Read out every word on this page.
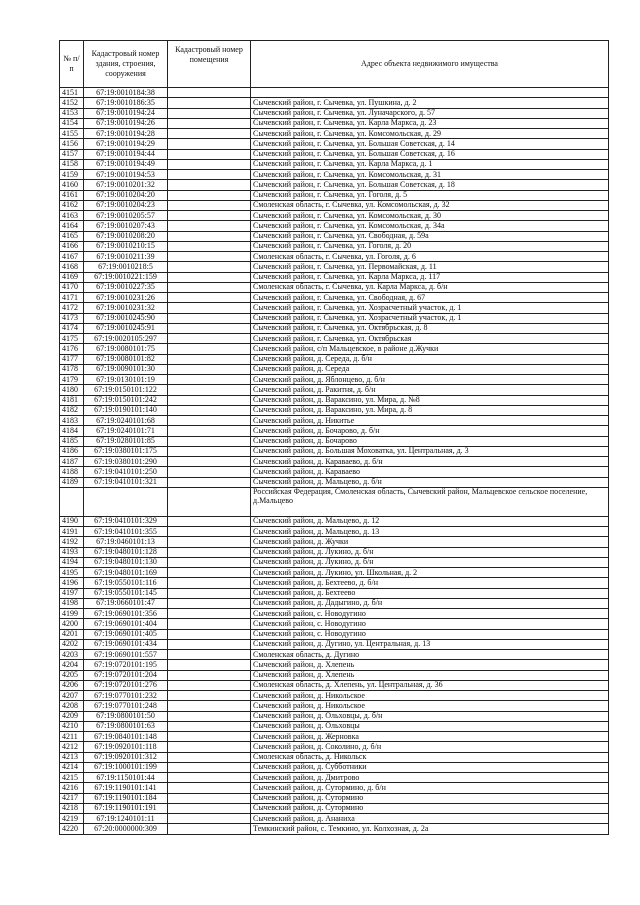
№ п/п	Кадастровый номер здания, строения, сооружения	Кадастровый номер помещения	Адрес объекта недвижимого имущества
4151	67:19:0010184:38		
4152	67:19:0010186:35		Сычевский район, г. Сычевка, ул. Пушкина, д. 2
4153	67:19:0010194:24		Сычевский район, г. Сычевка, ул. Луначарского, д. 57
4154	67:19:0010194:26		Сычевский район, г. Сычевка, ул. Карла Маркса, д. 23
4155	67:19:0010194:28		Сычевский район, г. Сычевка, ул. Комсомольская, д. 29
4156	67:19:0010194:29		Сычевский район, г. Сычевка, ул. Большая Советская, д. 14
4157	67:19:0010194:44		Сычевский район, г. Сычевка, ул. Большая Советская, д. 16
4158	67:19:0010194:49		Сычевский район, г. Сычевка, ул. Карла Маркса, д. 1
4159	67:19:0010194:53		Сычевский район, г. Сычевка, ул. Комсомольская, д. 31
4160	67:19:0010201:32		Сычевский район, г. Сычевка, ул. Большая Советская, д. 18
4161	67:19:0010204:20		Сычевский район, г. Сычевка, ул. Гоголя, д. 5
4162	67:19:0010204:23		Смоленская область, г. Сычевка, ул. Комсомольская, д. 32
4163	67:19:0010205:57		Сычевский район, г. Сычевка, ул. Комсомольская, д. 30
4164	67:19:0010207:43		Сычевский район, г. Сычевка, ул. Комсомольская, д. 34а
4165	67:19:0010208:20		Сычевский район, г. Сычевка, ул. Свободная, д. 59а
4166	67:19:0010210:15		Сычевский район, г. Сычевка, ул. Гоголя, д. 20
4167	67:19:0010211:39		Смоленская область, г. Сычевка, ул. Гоголя, д. 6
4168	67:19:0010218:5		Сычевский район, г. Сычевка, ул. Первомайская, д. 11
4169	67:19:0010221:159		Сычевский район, г. Сычевка, ул. Карла Маркса, д. 117
4170	67:19:0010227:35		Смоленская область, г. Сычевка, ул. Карла Маркса, д. б/н
4171	67:19:0010231:26		Сычевский район, г. Сычевка, ул. Свободная, д. 67
4172	67:19:0010231:32		Сычевский район, г. Сычевка, ул. Хозрасчетный участок, д. 1
4173	67:19:0010245:90		Сычевский район, г. Сычевка, ул. Хозрасчетный участок, д. 1
4174	67:19:0010245:91		Сычевский район, г. Сычевка, ул. Октябрьская, д. 8
4175	67:19:0020105:297		Сычевский район, г. Сычевка, ул. Октябрьская
4176	67:19:0080101:75		Сычевский район, с/п Мальцевское, в районе д.Жучки
4177	67:19:0080101:82		Сычевский район, д. Середа, д. б/н
4178	67:19:0090101:30		Сычевский район, д. Середа
4179	67:19:0130101:19		Сычевский район, д. Яблонцево, д. б/н
4180	67:19:0150101:122		Сычевский район, д. Ракитня, д. б/н
4181	67:19:0150101:242		Сычевский район, д. Вараксино, ул. Мира, д. №8
4182	67:19:0190101:140		Сычевский район, д. Вараксино, ул. Мира, д. 8
4183	67:19:0240101:68		Сычевский район, д. Никитье
4184	67:19:0240101:71		Сычевский район, д. Бочарово, д. б/н
4185	67:19:0280101:85		Сычевский район, д. Бочарово
4186	67:19:0380101:175		Сычевский район, д. Большая Моховатка, ул. Центральная, д. 3
4187	67:19:0380101:290		Сычевский район, д. Караваево, д. б/н
4188	67:19:0410101:250		Сычевский район, д. Караваево
4189	67:19:0410101:321		Сычевский район, д. Мальцево, д. б/н
			Российская Федерация, Смоленская область, Сычевский район, Мальцевское сельское поселение, д.Мальцево
4190	67:19:0410101:329		Сычевский район, д. Мальцево, д. 12
4191	67:19:0410101:355		Сычевский район, д. Мальцево, д. 13
4192	67:19:0460101:13		Сычевский район, д. Жучки
4193	67:19:0480101:128		Сычевский район, д. Лукино, д. б/н
4194	67:19:0480101:130		Сычевский район, д. Лукино, д. б/н
4195	67:19:0480101:169		Сычевский район, д. Лукино, ул. Школьная, д. 2
4196	67:19:0550101:116		Сычевский район, д. Бехтеево, д. б/н
4197	67:19:0550101:145		Сычевский район, д. Бехтеево
4198	67:19:0660101:47		Сычевский район, д. Дадыгино, д. б/н
4199	67:19:0690101:356		Сычевский район, с. Новодугино
4200	67:19:0690101:404		Сычевский район, с. Новодугино
4201	67:19:0690101:405		Сычевский район, с. Новодугино
4202	67:19:0690101:434		Сычевский район, д. Дугино, ул. Центральная, д. 13
4203	67:19:0690101:557		Смоленская область, д. Дугино
4204	67:19:0720101:195		Сычевский район, д. Хлепень
4205	67:19:0720101:204		Сычевский район, д. Хлепень
4206	67:19:0720101:276		Смоленская область, д. Хлепень, ул. Центральная, д. 36
4207	67:19:0770101:232		Сычевский район, д. Никольское
4208	67:19:0770101:248		Сычевский район, д. Никольское
4209	67:19:0800101:50		Сычевский район, д. Ольховцы, д. б/н
4210	67:19:0800101:63		Сычевский район, д. Ольховцы
4211	67:19:0840101:148		Сычевский район, д. Жерновка
4212	67:19:0920101:118		Сычевский район, д. Соколино, д. б/н
4213	67:19:0920101:312		Смоленская область, д. Никольск
4214	67:19:1000101:199		Сычевский район, д. Субботники
4215	67:19:1150101:44		Сычевский район, д. Дмитрово
4216	67:19:1190101:141		Сычевский район, д. Сутормино, д. б/н
4217	67:19:1190101:184		Сычевский район, д. Сутормино
4218	67:19:1190101:191		Сычевский район, д. Сутормино
4219	67:19:1240101:11		Сычевский район, д. Ананиха
4220	67:20:0000000:309		Темкинский район, с. Темкино, ул. Колхозная, д. 2а
